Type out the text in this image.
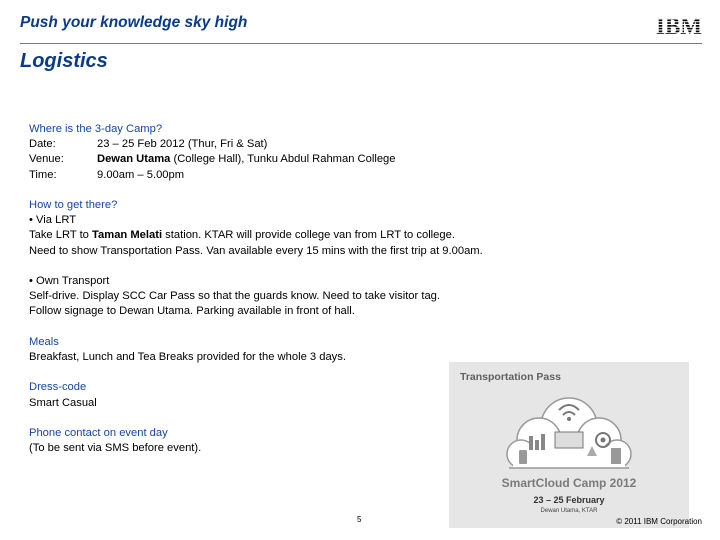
Push your knowledge sky high	IBM
Logistics
Where is the 3-day Camp?
Date:	23 – 25 Feb 2012 (Thur, Fri & Sat)
Venue:	Dewan Utama (College Hall), Tunku Abdul Rahman College
Time:	9.00am – 5.00pm
How to get there?
• Via LRT
Take LRT to Taman Melati station. KTAR will provide college van from LRT to college.
Need to show Transportation Pass. Van available every 15 mins with the first trip at 9.00am.
• Own Transport
Self-drive. Display SCC Car Pass so that the guards know. Need to take visitor tag.
Follow signage to Dewan Utama. Parking available in front of hall.
Meals
Breakfast, Lunch and Tea Breaks provided for the whole 3 days.
Dress-code
Smart Casual
Phone contact on event day
(To be sent via SMS before event).
Transportation Pass
SmartCloud Camp 2012
23 – 25 February
Dewan Utama, KTAR
5	© 2011 IBM Corporation
